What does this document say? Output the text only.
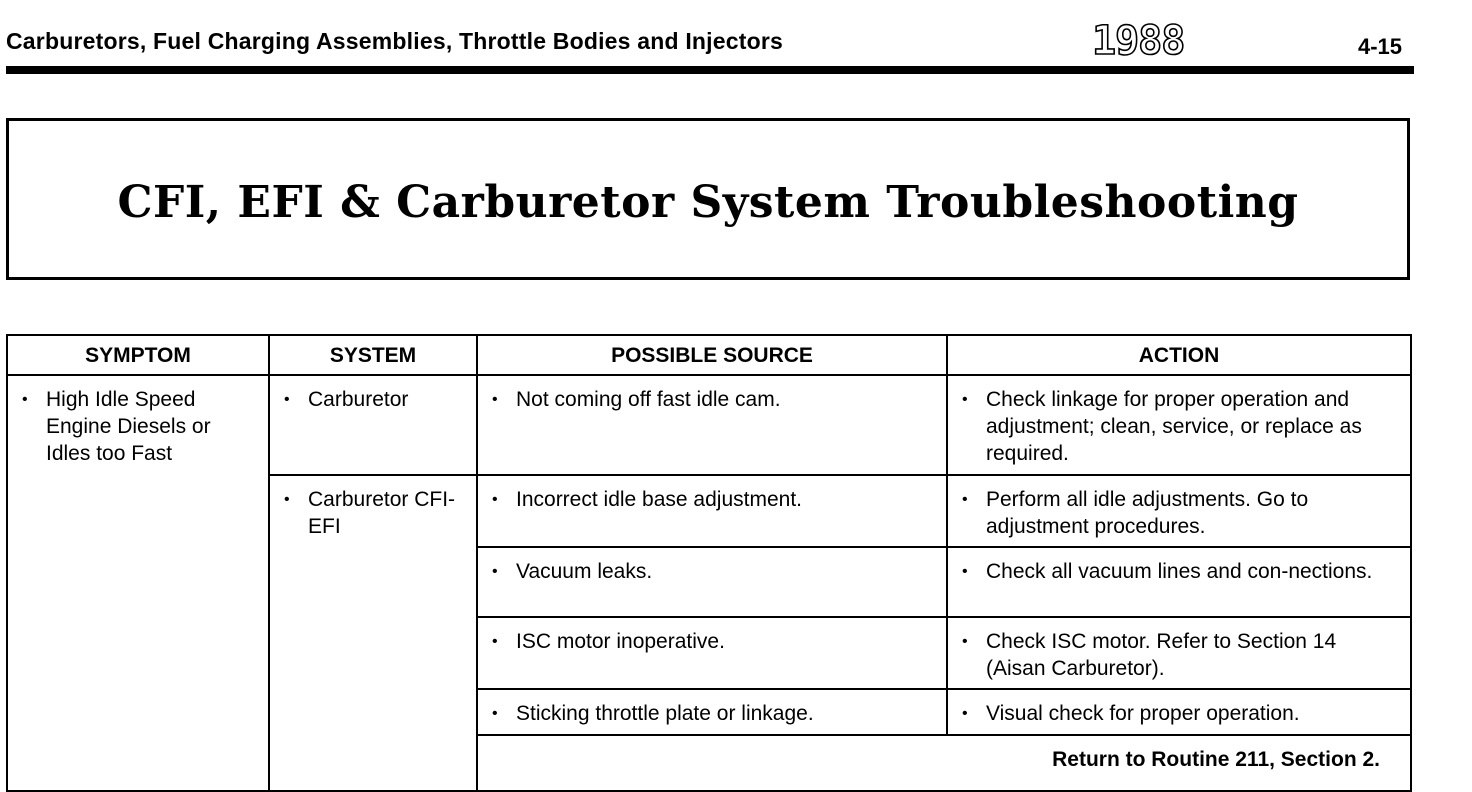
Carburetors, Fuel Charging Assemblies, Throttle Bodies and Injectors	1988	4-15
CFI, EFI & Carburetor System Troubleshooting
SYMPTOM	SYSTEM	POSSIBLE SOURCE	ACTION

• High Idle Speed Engine Diesels or Idles too Fast	• Carburetor	• Not coming off fast idle cam.	• Check linkage for proper operation and adjustment; clean, service, or replace as required.

	• Carburetor CFI-EFI	• Incorrect idle base adjustment.	• Perform all idle adjustments. Go to adjustment procedures.

		• Vacuum leaks.	• Check all vacuum lines and con-nections.

		• ISC motor inoperative.	• Check ISC motor. Refer to Section 14 (Aisan Carburetor).

		• Sticking throttle plate or linkage.	• Visual check for proper operation.

		Return to Routine 211, Section 2.	
